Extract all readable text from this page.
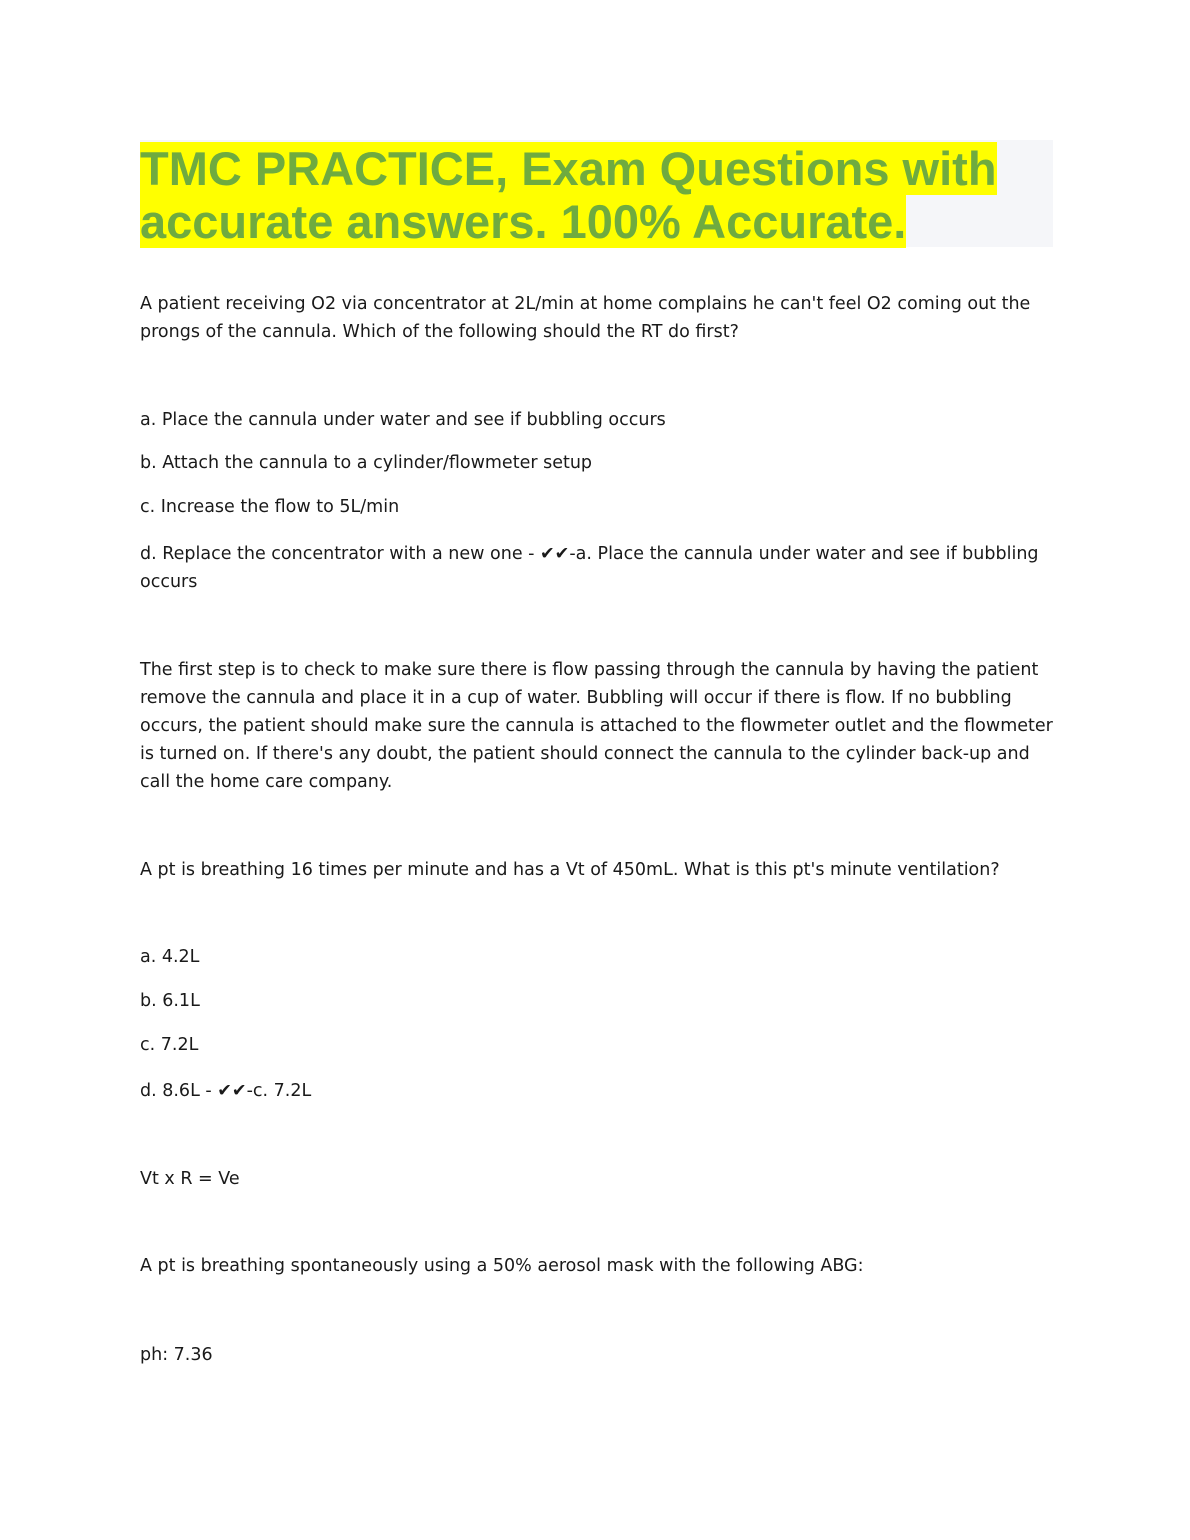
TMC PRACTICE, Exam Questions with
accurate answers. 100% Accurate.

A patient receiving O2 via concentrator at 2L/min at home complains he can't feel O2 coming out the

prongs of the cannula. Which of the following should the RT do first?

a. Place the cannula under water and see if bubbling occurs

b. Attach the cannula to a cylinder/flowmeter setup

c. Increase the flow to 5L/min

d. Replace the concentrator with a new one - ✔✔-a. Place the cannula under water and see if bubbling

occurs

The first step is to check to make sure there is flow passing through the cannula by having the patient

remove the cannula and place it in a cup of water. Bubbling will occur if there is flow. If no bubbling

occurs, the patient should make sure the cannula is attached to the flowmeter outlet and the flowmeter

is turned on. If there's any doubt, the patient should connect the cannula to the cylinder back-up and

call the home care company.

A pt is breathing 16 times per minute and has a Vt of 450mL. What is this pt's minute ventilation?

a. 4.2L

b. 6.1L

c. 7.2L

d. 8.6L - ✔✔-c. 7.2L

Vt x R = Ve

A pt is breathing spontaneously using a 50% aerosol mask with the following ABG:

ph: 7.36
